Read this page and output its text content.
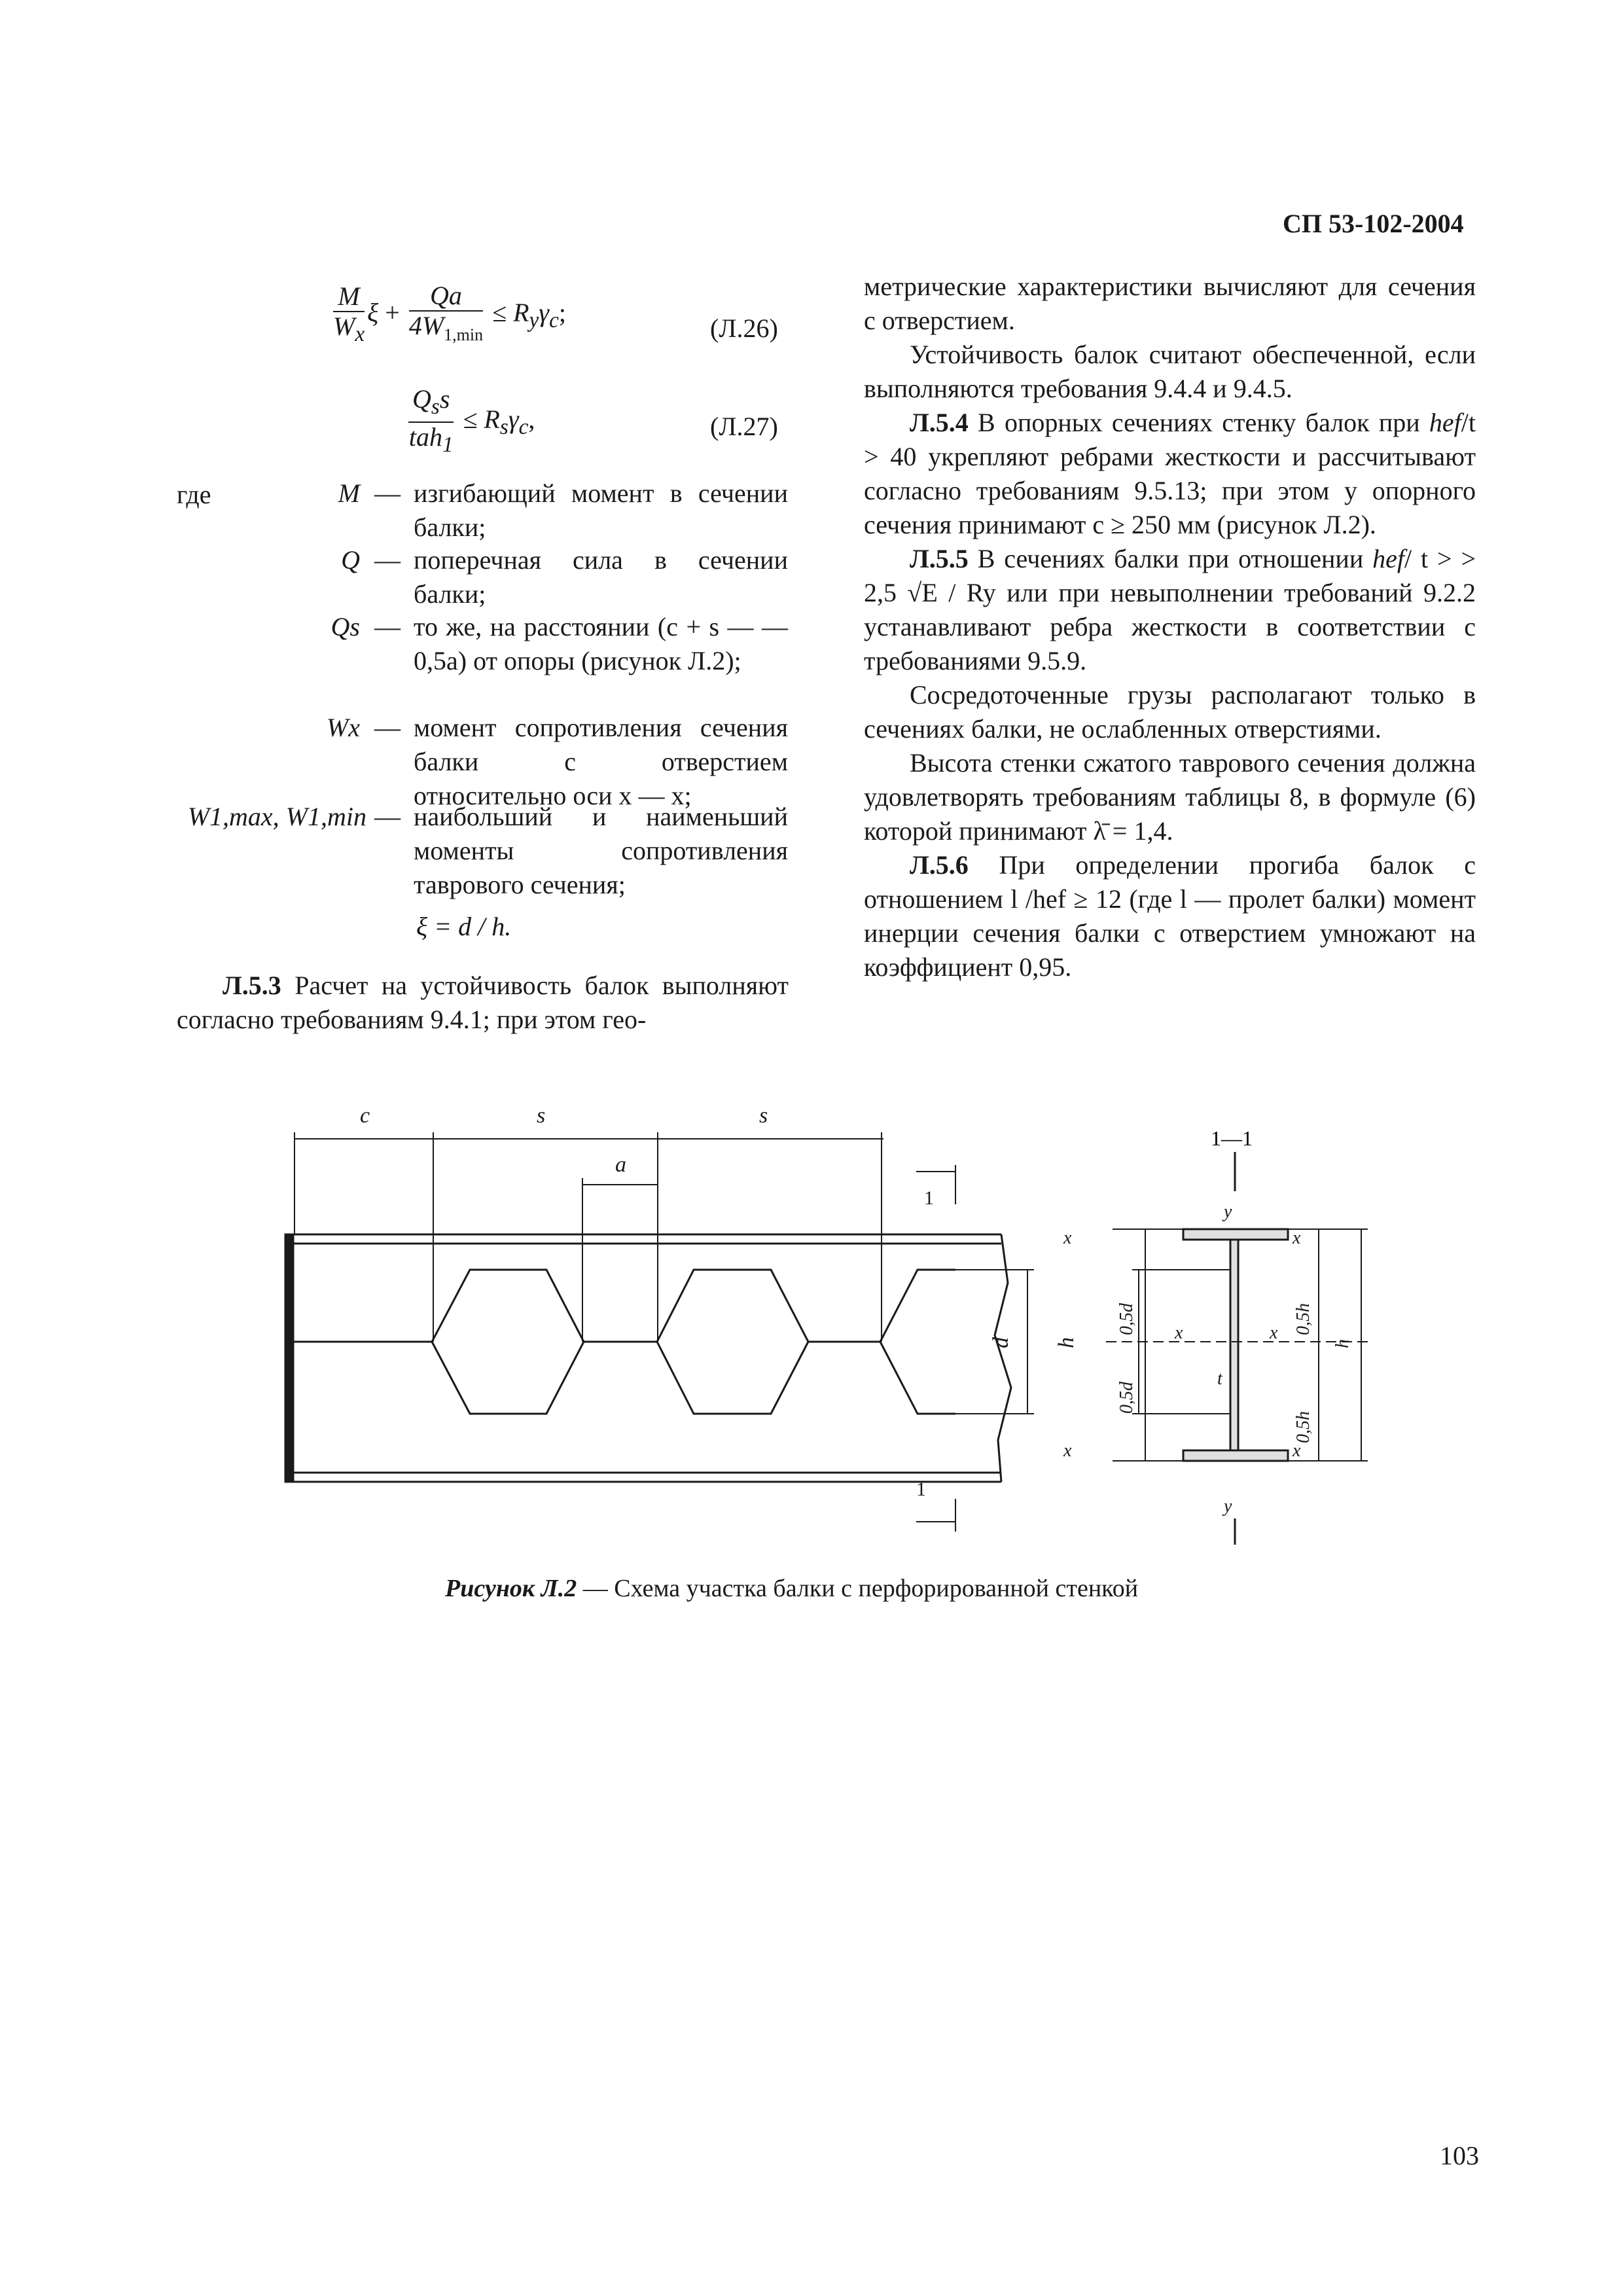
СП 53-102-2004
$\frac{M}{W_x}$ $\xi + \frac{Qa}{4W_{1,min}} \le R_y\gamma_c$;
(Л.26)
$\frac{Q_ss}{tah_1} \le R_s\gamma_c$,	(Л.27)
где	M — изгибающий момент в сечении балки;
Q — поперечная сила в сечении балки;
Qs — то же, на расстоянии (c + s — — 0,5a) от опоры (рисунок Л.2);
Wx — момент сопротивления сечения балки с отверстием относительно оси x — x;
W1,max, W1,min — наибольший и наименьший моменты сопротивления таврового сечения;
ξ = d / h.

Л.5.3 Расчет на устойчивость балок выполняют согласно требованиям 9.4.1; при этом гео-

метрические характеристики вычисляют для сечения с отверстием.

Устойчивость балок считают обеспеченной, если выполняются требования 9.4.4 и 9.4.5.

Л.5.4 В опорных сечениях стенку балок при hef/t > 40 укрепляют ребрами жесткости и рассчитывают согласно требованиям 9.5.13; при этом у опорного сечения принимают c ≥ 250 мм (рисунок Л.2).

Л.5.5 В сечениях балки при отношении hef/ t > > 2,5 √E / Ry или при невыполнении требований 9.2.2 устанавливают ребра жесткости в соответствии с требованиями 9.5.9.

Сосредоточенные грузы располагают только в сечениях балки, не ослабленных отверстиями.

Высота стенки сжатого таврового сечения должна удовлетворять требованиям таблицы 8, в формуле (6) которой принимают λ̄ = 1,4.

Л.5.6 При определении прогиба балок с отношением l /hef ≥ 12 (где l — пролет балки) момент инерции сечения балки с отверстием умножают на коэффициент 0,95.

c	s	s
a
d h
1
1
1—1
y
y
x	x
x	x
x
x
t
0,5d
0,5d
0,5h
0,5h
h
Рисунок Л.2 — Схема участка балки с перфорированной стенкой
103
